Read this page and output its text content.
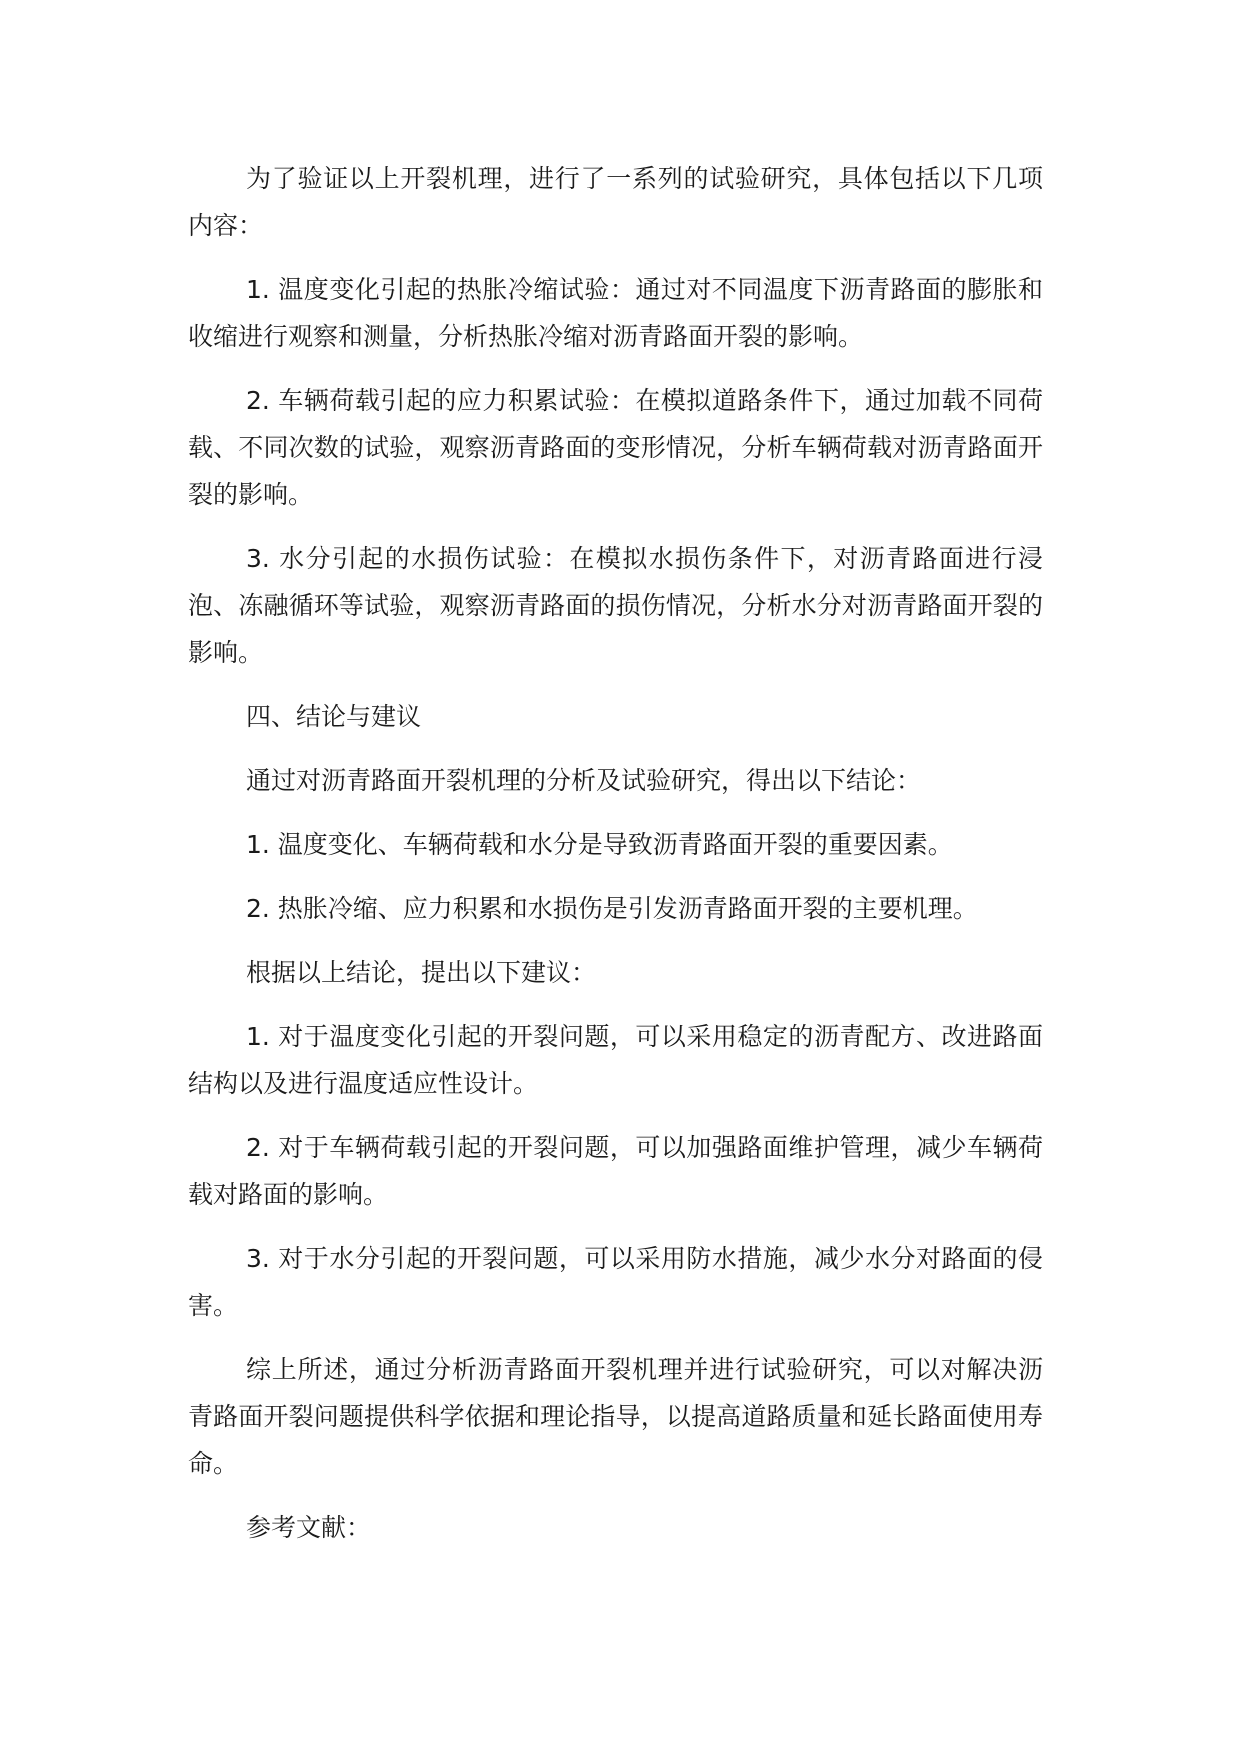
为了验证以上开裂机理，进行了一系列的试验研究，具体包括以下几项内容：

1. 温度变化引起的热胀冷缩试验：通过对不同温度下沥青路面的膨胀和收缩进行观察和测量，分析热胀冷缩对沥青路面开裂的影响。

2. 车辆荷载引起的应力积累试验：在模拟道路条件下，通过加载不同荷载、不同次数的试验，观察沥青路面的变形情况，分析车辆荷载对沥青路面开裂的影响。

3. 水分引起的水损伤试验：在模拟水损伤条件下，对沥青路面进行浸泡、冻融循环等试验，观察沥青路面的损伤情况，分析水分对沥青路面开裂的影响。

四、结论与建议

通过对沥青路面开裂机理的分析及试验研究，得出以下结论：

1. 温度变化、车辆荷载和水分是导致沥青路面开裂的重要因素。

2. 热胀冷缩、应力积累和水损伤是引发沥青路面开裂的主要机理。

根据以上结论，提出以下建议：

1. 对于温度变化引起的开裂问题，可以采用稳定的沥青配方、改进路面结构以及进行温度适应性设计。

2. 对于车辆荷载引起的开裂问题，可以加强路面维护管理，减少车辆荷载对路面的影响。

3. 对于水分引起的开裂问题，可以采用防水措施，减少水分对路面的侵害。

综上所述，通过分析沥青路面开裂机理并进行试验研究，可以对解决沥青路面开裂问题提供科学依据和理论指导，以提高道路质量和延长路面使用寿命。

参考文献：
